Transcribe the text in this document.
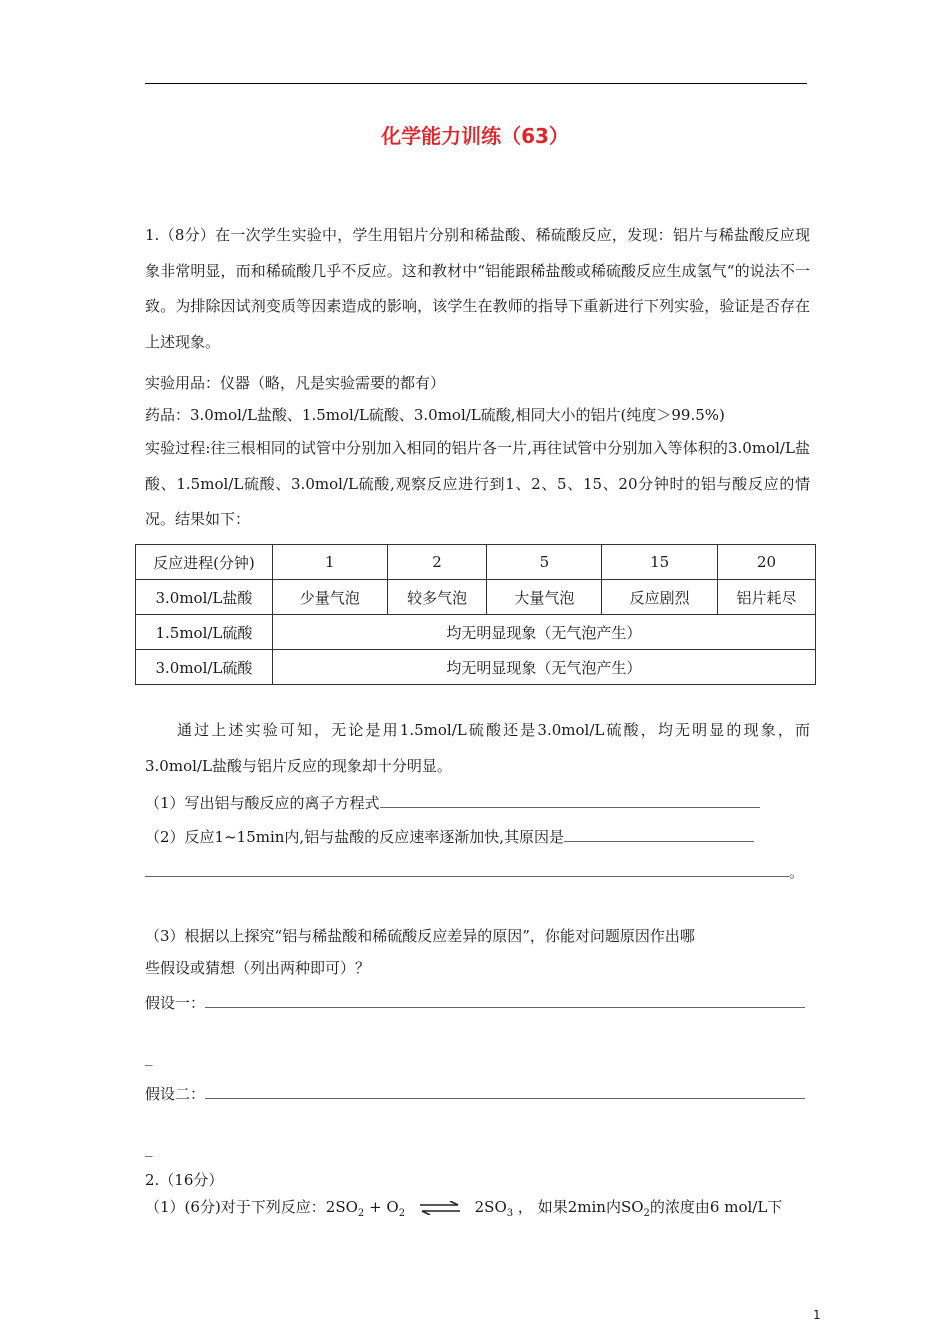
化学能力训练（63）
1.（8分）在一次学生实验中，学生用铝片分别和稀盐酸、稀硫酸反应，发现：铝片与稀盐酸反应现象非常明显，而和稀硫酸几乎不反应。这和教材中“铝能跟稀盐酸或稀硫酸反应生成氢气“的说法不一致。为排除因试剂变质等因素造成的影响，该学生在教师的指导下重新进行下列实验，验证是否存在上述现象。
实验用品：仪器（略，凡是实验需要的都有）
药品：3.0mol/L盐酸、1.5mol/L硫酸、3.0mol/L硫酸,相同大小的铝片(纯度＞99.5%)
实验过程:往三根相同的试管中分别加入相同的铝片各一片,再往试管中分别加入等体积的3.0mol/L盐酸、1.5mol/L硫酸、3.0mol/L硫酸,观察反应进行到1、2、5、15、20分钟时的铝与酸反应的情况。结果如下：
反应进程(分钟)	1	2	5	15	20
3.0mol/L盐酸	少量气泡	较多气泡	大量气泡	反应剧烈	铝片耗尽
1.5mol/L硫酸	均无明显现象（无气泡产生）				
3.0mol/L硫酸	均无明显现象（无气泡产生）				
通过上述实验可知，无论是用1.5mol/L硫酸还是3.0mol/L硫酸，均无明显的现象，而3.0mol/L盐酸与铝片反应的现象却十分明显。
（1）写出铝与酸反应的离子方程式
（2）反应1~15min内,铝与盐酸的反应速率逐渐加快,其原因是
。
（3）根据以上探究“铝与稀盐酸和稀硫酸反应差异的原因”，你能对问题原因作出哪
些假设或猜想（列出两种即可）？
假设一：
_
假设二：
_
2.（16分）
（1）(6分)对于下列反应：$2SO_2 + O_2$ ⇌ $2SO_3$ ， 如果2min内$SO_2$的浓度由6 mol/L下
1
